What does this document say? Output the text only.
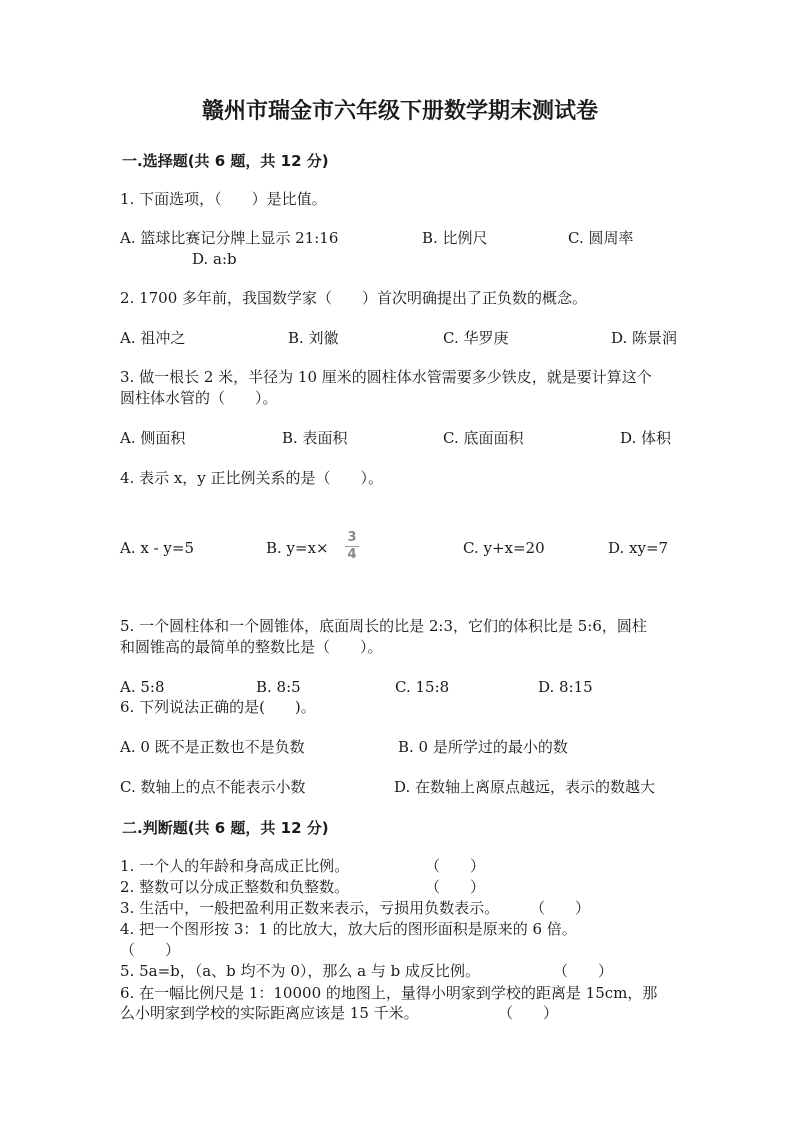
赣州市瑞金市六年级下册数学期末测试卷
一.选择题(共 6 题，共 12 分)
1. 下面选项，（　　）是比值。
A. 篮球比赛记分牌上显示 21:16	B. 比例尺	C. 圆周率
D. a:b
2. 1700 多年前，我国数学家（　　）首次明确提出了正负数的概念。
A. 祖冲之	B. 刘徽	C. 华罗庚	D. 陈景润
3. 做一根长 2 米，半径为 10 厘米的圆柱体水管需要多少铁皮，就是要计算这个
圆柱体水管的（　　）。
A. 侧面积	B. 表面积	C. 底面面积	D. 体积
4. 表示 x，y 正比例关系的是（　　）。
A. x - y=5	B. y=x×
3
4	C. y+x=20	D. xy=7
5. 一个圆柱体和一个圆锥体，底面周长的比是 2:3，它们的体积比是 5:6，圆柱
和圆锥高的最简单的整数比是（　　）。
A. 5:8	B. 8:5	C. 15:8	D. 8:15
6. 下列说法正确的是(　　)。
A. 0 既不是正数也不是负数	B. 0 是所学过的最小的数
C. 数轴上的点不能表示小数	D. 在数轴上离原点越远，表示的数越大
二.判断题(共 6 题，共 12 分)
1. 一个人的年龄和身高成正比例。	（　　）
2. 整数可以分成正整数和负整数。	（　　）
3. 生活中，一般把盈利用正数来表示，亏损用负数表示。 （　　）
4. 把一个图形按 3：1 的比放大，放大后的图形面积是原来的 6 倍。
（　　）
5. 5a=b，（a、b 均不为 0），那么 a 与 b 成反比例。	（　　）
6. 在一幅比例尺是 1：10000 的地图上，量得小明家到学校的距离是 15cm，那
么小明家到学校的实际距离应该是 15 千米。	（　　）
